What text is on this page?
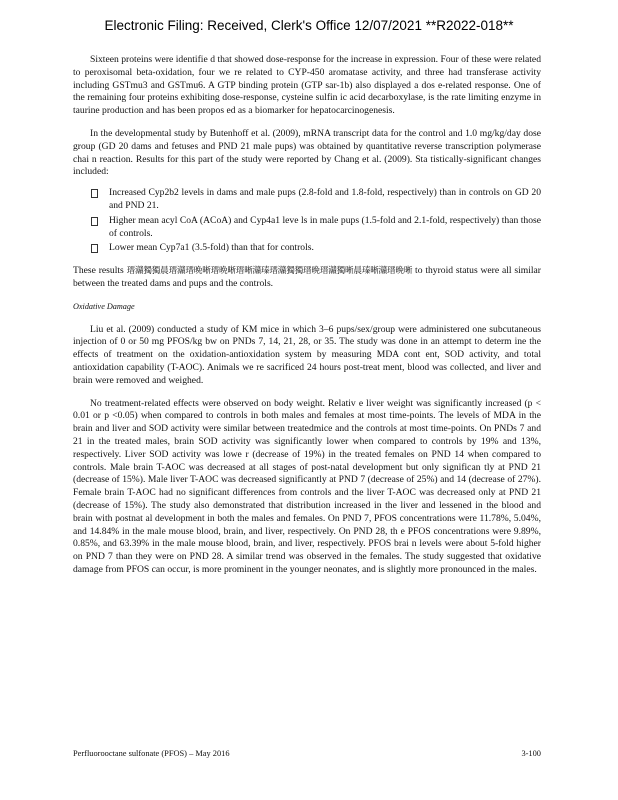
Electronic Filing: Received, Clerk's Office 12/07/2021 **R2022-018**

Sixteen proteins were identifie d that showed dose-response for the increase in expression. Four of these were related to peroxisomal beta-oxidation, four we re related to CYP-450 aromatase activity, and three had transferase activity including GSTmu3 and GSTmu6. A GTP binding protein (GTP sar-1b) also displayed a dos e-related response. One of the remaining four proteins exhibiting dose-response, cysteine sulfin ic acid decarboxylase, is the rate limiting enzyme in taurine production and has been propos ed as a biomarker for hepatocarcinogenesis.

In the developmental study by Butenhoff et al. (2009), mRNA transcript data for the control and 1.0 mg/kg/day dose group (GD 20 dams and fetuses and PND 21 male pups) was obtained by quantitative reverse transcription polymerase chai n reaction. Results for this part of the study were reported by Chang et al. (2009). Sta tistically-significant changes included:

Increased Cyp2b2 levels in dams and male pups (2.8-fold and 1.8-fold, respectively) than in controls on GD 20 and PND 21.
Higher mean acyl CoA (ACoA) and Cyp4a1 leve ls in male pups (1.5-fold and 2.1-fold, respectively) than those of controls.
Lower mean Cyp7a1 (3.5-fold) than that for controls.

These results 瑨灨獨獨晨瑨灨瑨晩晰瑨晩晰瑨晰灨瑧瑨灨獨獨瑨晩瑨灨獨晰晨瑧晰灨瑨晩晰 to thyroid status were all similar between the treated dams and pups and the controls.

Oxidative Damage

Liu et al. (2009) conducted a study of KM mice in which 3–6 pups/sex/group were administered one subcutaneous injection of 0 or 50 mg PFOS/kg bw on PNDs 7, 14, 21, 28, or 35. The study was done in an attempt to determ ine the effects of treatment on the oxidation-antioxidation system by measuring MDA cont ent, SOD activity, and total antioxidation capability (T-AOC). Animals we re sacrificed 24 hours post-treat ment, blood was collected, and liver and brain were removed and weighed.

No treatment-related effects were observed on body weight. Relativ e liver weight was significantly increased (p < 0.01 or p <0.05) when compared to controls in both males and females at most time-points. The levels of MDA in the brain and liver and SOD activity were similar between treatedmice and the controls at most time-points. On PNDs 7 and 21 in the treated males, brain SOD activity was significantly lower when compared to controls by 19% and 13%, respectively. Liver SOD activity was lowe r (decrease of 19%) in the treated females on PND 14 when compared to controls. Male brain T-AOC was decreased at all stages of post-natal development but only significan tly at PND 21 (decrease of 15%). Male liver T-AOC was decreased significantly at PND 7 (decrease of 25%) and 14 (decrease of 27%). Female brain T-AOC had no significant differences from controls and the liver T-AOC was decreased only at PND 21 (decrease of 15%). The study also demonstrated that distribution increased in the liver and lessened in the blood and brain with postnat al development in both the males and females. On PND 7, PFOS concentrations were 11.78%, 5.04%, and 14.84% in the male mouse blood, brain, and liver, respectively. On PND 28, th e PFOS concentrations were 9.89%, 0.85%, and 63.39% in the male mouse blood, brain, and liver, respectively. PFOS brai n levels were about 5-fold higher on PND 7 than they were on PND 28. A similar trend was observed in the females. The study suggested that oxidative damage from PFOS can occur, is more prominent in the younger neonates, and is slightly more pronounced in the males.

Perfluorooctane sulfonate (PFOS) – May 2016	3-100
